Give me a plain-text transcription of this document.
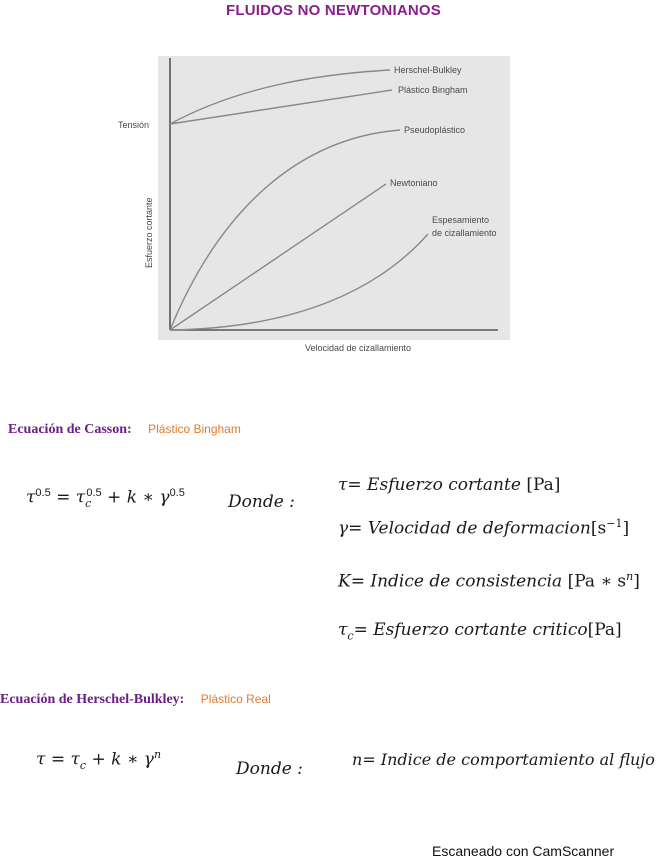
FLUIDOS NO NEWTONIANOS
Herschel-Bulkley
Plástico Bingham
Pseudoplástico
Newtoniano
Espesamiento
de cizallamiento
Tensión
Esfuerzo cortante
Velocidad de cizallamiento
Ecuación de Casson: Plástico Bingham
$\tau^{0.5} = \tau_c^{0.5} + k$ ∗ $\gamma^{0.5}$	Donde :
τ= Esfuerzo cortante [Pa]
γ= Velocidad de $deformacion[s^{-1}]$
K= Indice de consistencia [Pa ∗ $s^n$]
$\tau_c=$ Esfuerzo cortante critico[Pa]
Ecuación de Herschel-Bulkley: Plástico Real
$\tau = \tau_c + k$ ∗ $\gamma^n$
Donde :	n= Indice de comportamiento al flujo
Escaneado con CamScanner
